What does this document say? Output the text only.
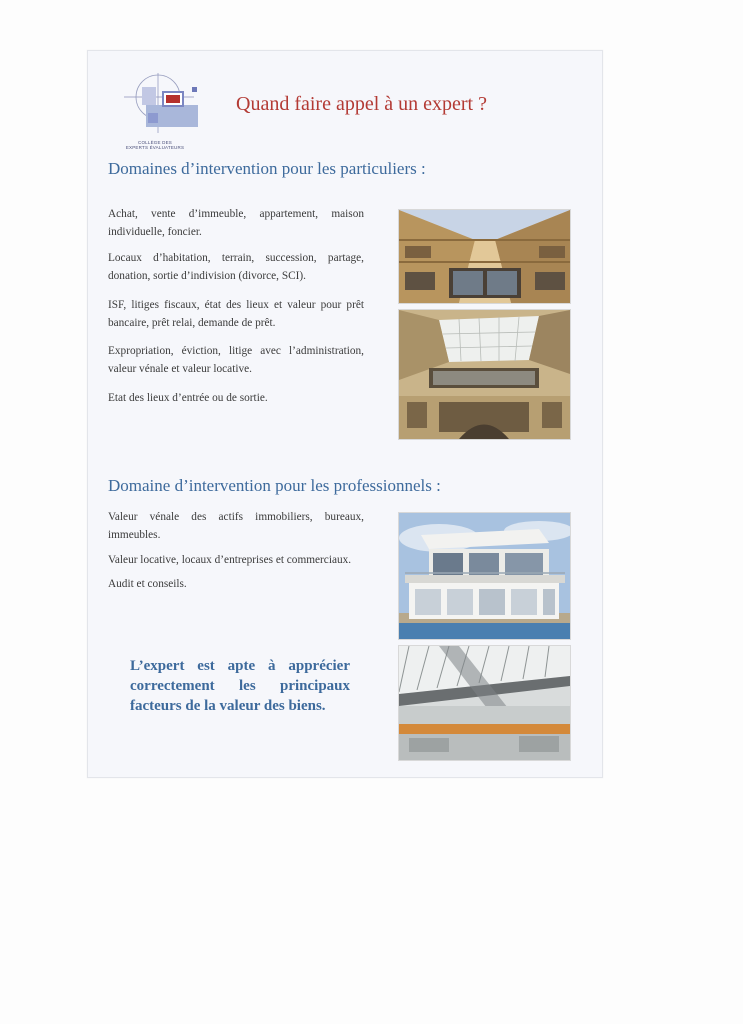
COLLÈGE DES
EXPERTS ÉVALUATEURS
Quand faire appel à un expert ?
Domaines d’intervention pour les particuliers :

Achat, vente d’immeuble, appartement, maison individuelle, foncier.

Locaux d’habitation, terrain, succession, partage, donation, sortie d’indivision (divorce, SCI).

ISF, litiges fiscaux, état des lieux et valeur pour prêt bancaire, prêt relai, demande de prêt.

Expropriation, éviction, litige avec l’administration, valeur vénale et valeur locative.

Etat des lieux d’entrée ou de sortie.

Domaine d’intervention pour les professionnels :

Valeur vénale des actifs immobiliers, bureaux, immeubles.

Valeur locative, locaux d’entreprises et commerciaux.

Audit et conseils.

L’expert est apte à apprécier correctement les principaux facteurs de la valeur des biens.
